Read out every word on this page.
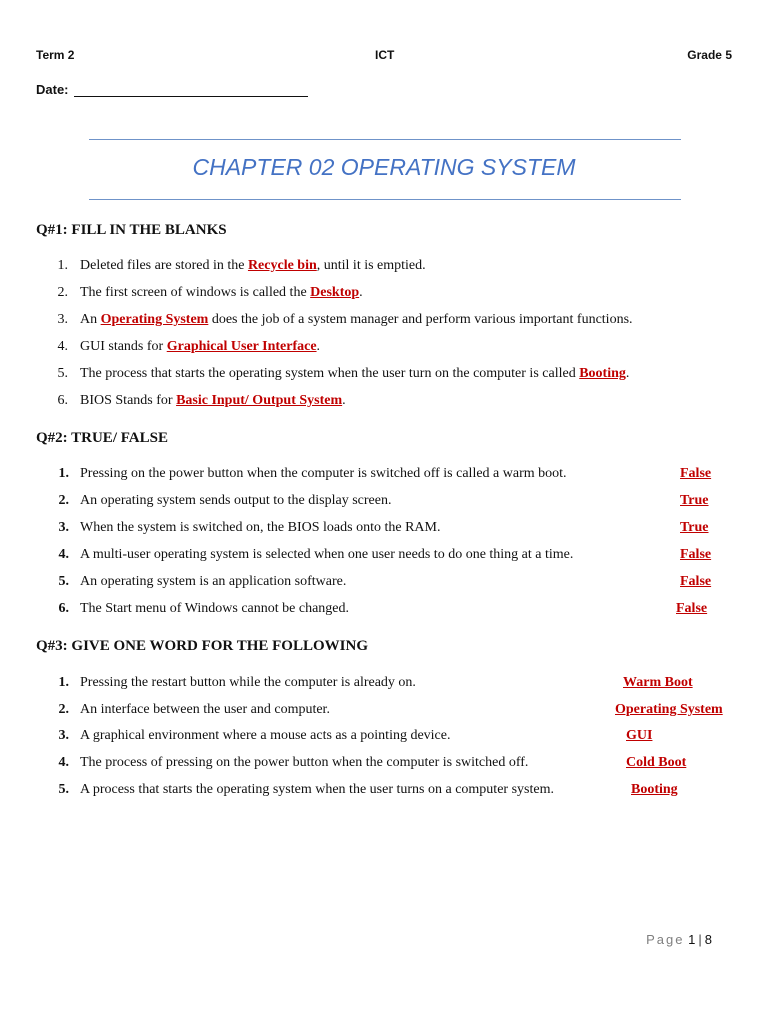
Term 2	ICT	Grade 5
Date:
CHAPTER 02 OPERATING SYSTEM
Q#1: FILL IN THE BLANKS
1. Deleted files are stored in the Recycle bin, until it is emptied.
2. The first screen of windows is called the Desktop.
3. An Operating System does the job of a system manager and perform various important functions.
4. GUI stands for Graphical User Interface.
5. The process that starts the operating system when the user turn on the computer is called Booting.
6. BIOS Stands for Basic Input/ Output System.
Q#2: TRUE/ FALSE
1. Pressing on the power button when the computer is switched off is called a warm boot.	False
2. An operating system sends output to the display screen.	True
3. When the system is switched on, the BIOS loads onto the RAM.	True
4. A multi-user operating system is selected when one user needs to do one thing at a time.	False
5. An operating system is an application software.	False
6. The Start menu of Windows cannot be changed.	False
Q#3: GIVE ONE WORD FOR THE FOLLOWING
1. Pressing the restart button while the computer is already on.	Warm Boot
2. An interface between the user and computer.	Operating System
3. A graphical environment where a mouse acts as a pointing device.	GUI
4. The process of pressing on the power button when the computer is switched off.	Cold Boot
5. A process that starts the operating system when the user turns on a computer system.	Booting
Page 1 | 8
